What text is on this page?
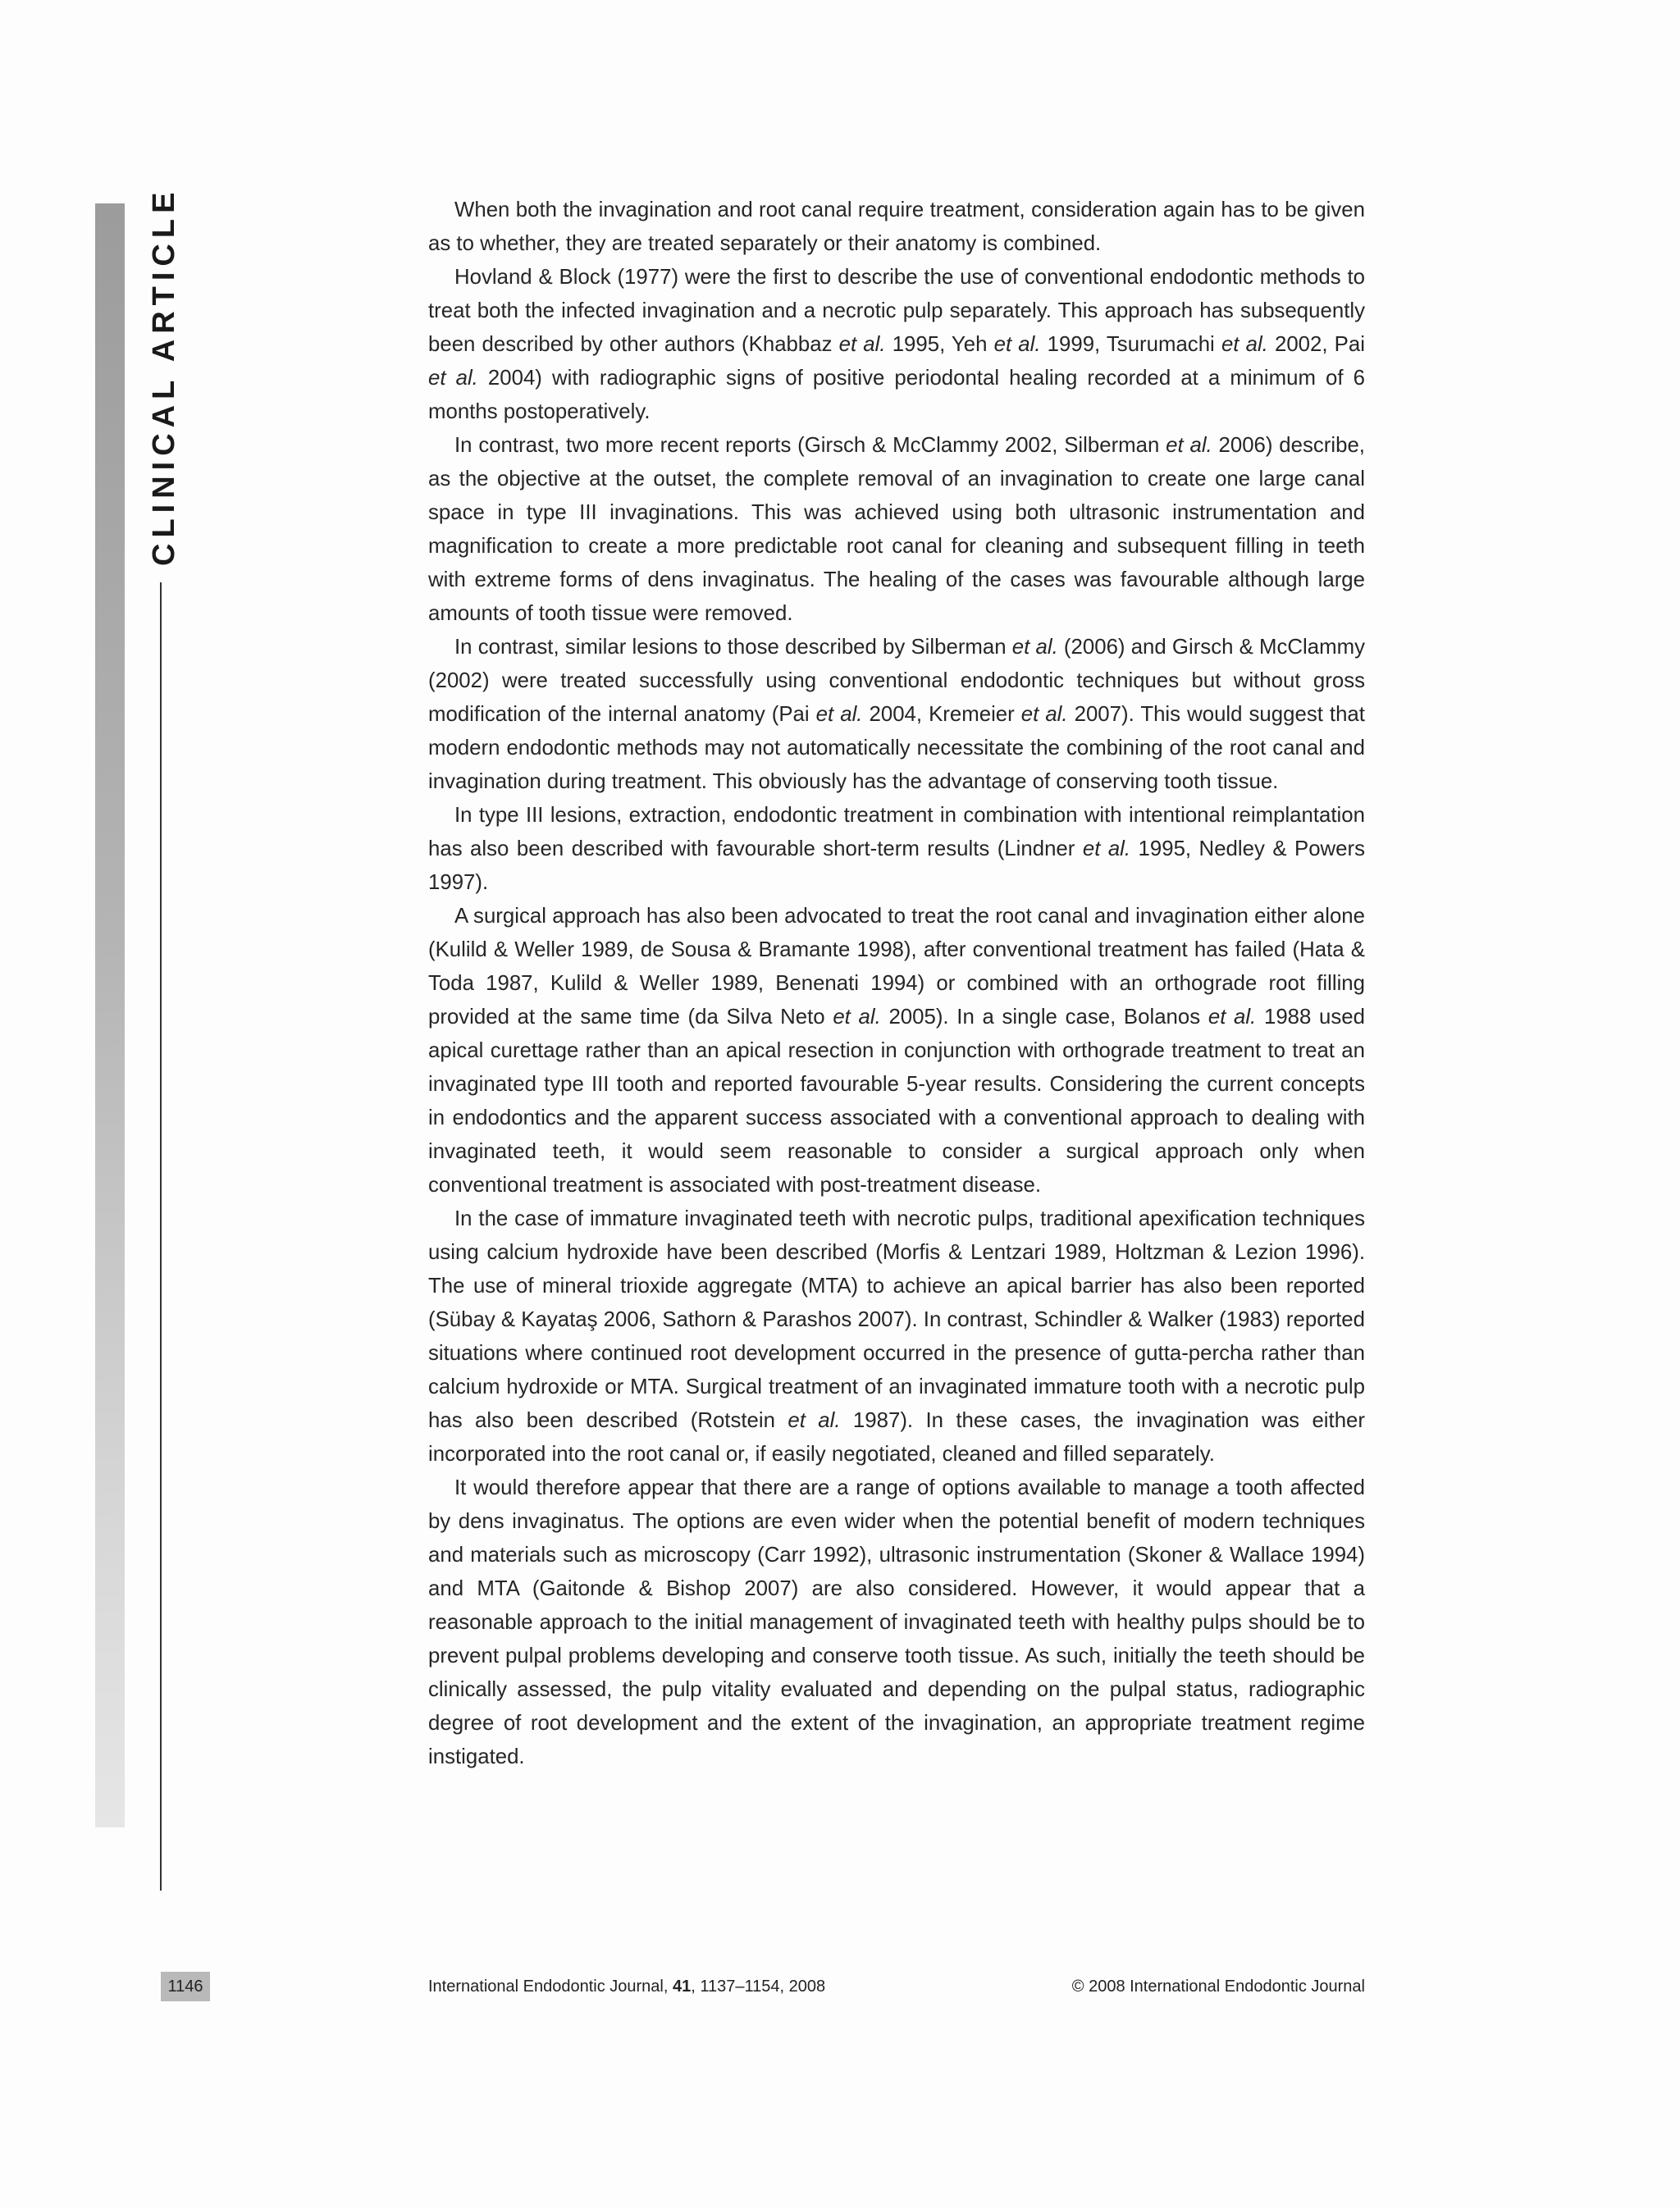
CLINICAL ARTICLE	When both the invagination and root canal require treatment, consideration again has to be given as to whether, they are treated separately or their anatomy is combined.

Hovland & Block (1977) were the first to describe the use of conventional endodontic methods to treat both the infected invagination and a necrotic pulp separately. This approach has subsequently been described by other authors (Khabbaz et al. 1995, Yeh et al. 1999, Tsurumachi et al. 2002, Pai et al. 2004) with radiographic signs of positive periodontal healing recorded at a minimum of 6 months postoperatively.

In contrast, two more recent reports (Girsch & McClammy 2002, Silberman et al. 2006) describe, as the objective at the outset, the complete removal of an invagination to create one large canal space in type III invaginations. This was achieved using both ultrasonic instrumentation and magnification to create a more predictable root canal for cleaning and subsequent filling in teeth with extreme forms of dens invaginatus. The healing of the cases was favourable although large amounts of tooth tissue were removed.

In contrast, similar lesions to those described by Silberman et al. (2006) and Girsch & McClammy (2002) were treated successfully using conventional endodontic techniques but without gross modification of the internal anatomy (Pai et al. 2004, Kremeier et al. 2007). This would suggest that modern endodontic methods may not automatically necessitate the combining of the root canal and invagination during treatment. This obviously has the advantage of conserving tooth tissue.

In type III lesions, extraction, endodontic treatment in combination with intentional reimplantation has also been described with favourable short-term results (Lindner et al. 1995, Nedley & Powers 1997).

A surgical approach has also been advocated to treat the root canal and invagination either alone (Kulild & Weller 1989, de Sousa & Bramante 1998), after conventional treatment has failed (Hata & Toda 1987, Kulild & Weller 1989, Benenati 1994) or combined with an orthograde root filling provided at the same time (da Silva Neto et al. 2005). In a single case, Bolanos et al. 1988 used apical curettage rather than an apical resection in conjunction with orthograde treatment to treat an invaginated type III tooth and reported favourable 5-year results. Considering the current concepts in endodontics and the apparent success associated with a conventional approach to dealing with invaginated teeth, it would seem reasonable to consider a surgical approach only when conventional treatment is associated with post-treatment disease.

In the case of immature invaginated teeth with necrotic pulps, traditional apexification techniques using calcium hydroxide have been described (Morfis & Lentzari 1989, Holtzman & Lezion 1996). The use of mineral trioxide aggregate (MTA) to achieve an apical barrier has also been reported (Sübay & Kayataş 2006, Sathorn & Parashos 2007). In contrast, Schindler & Walker (1983) reported situations where continued root development occurred in the presence of gutta-percha rather than calcium hydroxide or MTA. Surgical treatment of an invaginated immature tooth with a necrotic pulp has also been described (Rotstein et al. 1987). In these cases, the invagination was either incorporated into the root canal or, if easily negotiated, cleaned and filled separately.

It would therefore appear that there are a range of options available to manage a tooth affected by dens invaginatus. The options are even wider when the potential benefit of modern techniques and materials such as microscopy (Carr 1992), ultrasonic instrumentation (Skoner & Wallace 1994) and MTA (Gaitonde & Bishop 2007) are also considered. However, it would appear that a reasonable approach to the initial management of invaginated teeth with healthy pulps should be to prevent pulpal problems developing and conserve tooth tissue. As such, initially the teeth should be clinically assessed, the pulp vitality evaluated and depending on the pulpal status, radiographic degree of root development and the extent of the invagination, an appropriate treatment regime instigated.

1146	International Endodontic Journal, 41, 1137–1154, 2008	© 2008 International Endodontic Journal
